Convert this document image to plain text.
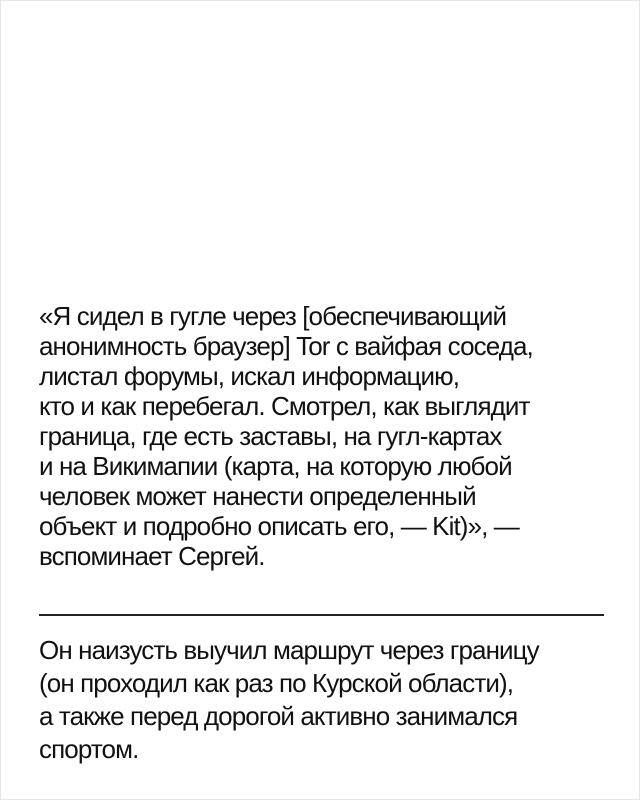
«Я сидел в гугле через [обеспечивающий
анонимность браузер] Tor с вайфая соседа,
листал форумы, искал информацию,
кто и как перебегал. Смотрел, как выглядит
граница, где есть заставы, на гугл-картах
и на Викимапии (карта, на которую любой
человек может нанести определенный
объект и подробно описать его, — Kit)», —
вспоминает Сергей.

Он наизусть выучил маршрут через границу
(он проходил как раз по Курской области),
а также перед дорогой активно занимался
спортом.
